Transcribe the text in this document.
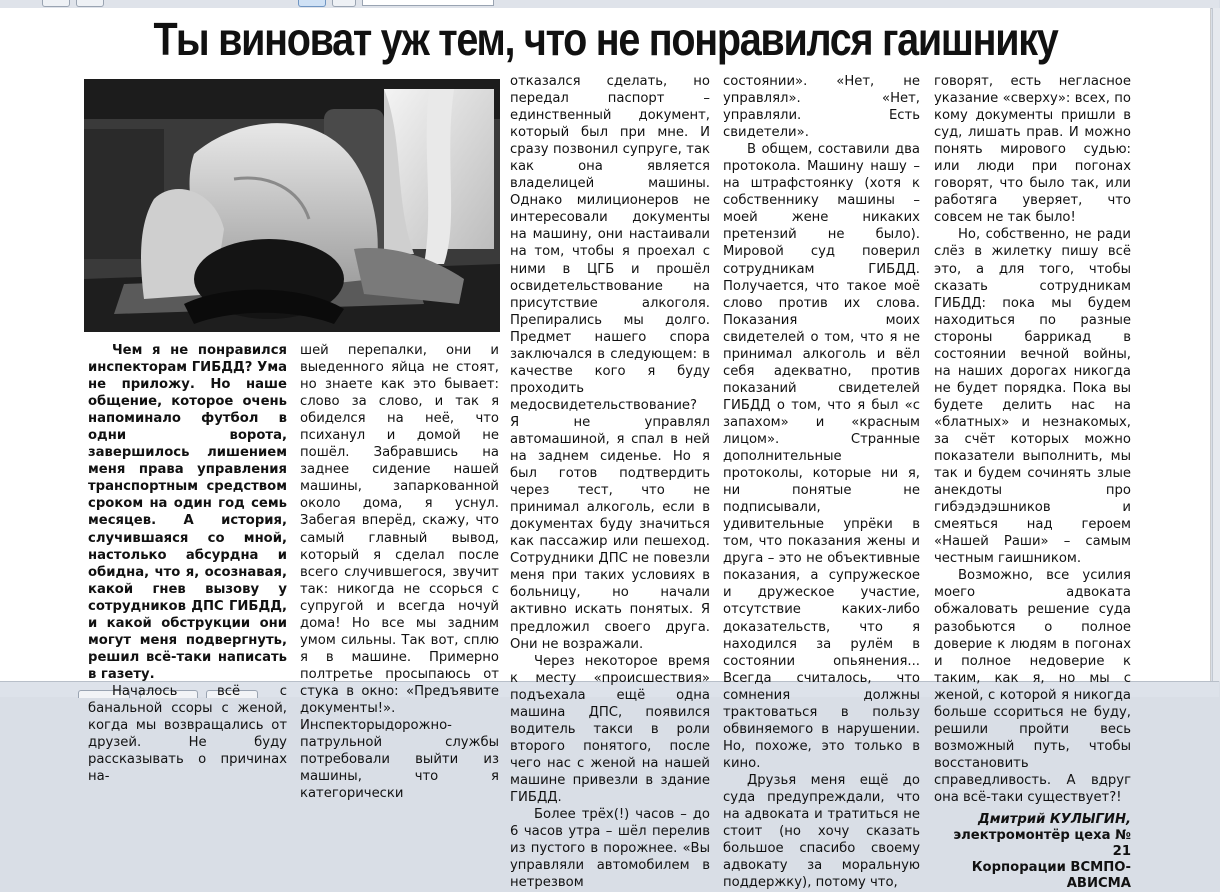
Ты виноват уж тем, что не понравился гаишнику

Чем я не понравился инспекторам ГИБДД? Ума не приложу. Но наше общение, которое очень напоминало футбол в одни ворота, завершилось лишением меня права управления транспортным средством сроком на один год семь месяцев. А история, случившаяся со мной, настолько абсурдна и обидна, что я, осознавая, какой гнев вызову у сотрудников ДПС ГИБДД, и какой обструкции они могут меня подвергнуть, решил всё-таки написать в газету.

Началось всё с банальной ссоры с женой, когда мы возвращались от друзей. Не буду рассказывать о причинах на-

шей перепалки, они и выеденного яйца не стоят, но знаете как это бывает: слово за слово, и так я обиделся на неё, что психанул и домой не пошёл. Забравшись на заднее сидение нашей машины, запаркованной около дома, я уснул. Забегая вперёд, скажу, что самый главный вывод, который я сделал после всего случившегося, звучит так: никогда не ссорься с супругой и всегда ночуй дома! Но все мы задним умом сильны. Так вот, сплю я в машине. Примерно полтретье просыпаюсь от стука в окно: «Предъявите документы!». Инспекторыдорожно-патрульной службы потребовали выйти из машины, что я категорически

отказался сделать, но передал паспорт – единственный документ, который был при мне. И сразу позвонил супруге, так как она является владелицей машины. Однако милиционеров не интересовали документы на машину, они настаивали на том, чтобы я проехал с ними в ЦГБ и прошёл освидетельствование на присутствие алкоголя. Препирались мы долго. Предмет нашего спора заключался в следующем: в качестве кого я буду проходить медосвидетельствование? Я не управлял автомашиной, я спал в ней на заднем сиденье. Но я был готов подтвердить через тест, что не принимал алкоголь, если в документах буду значиться как пассажир или пешеход. Сотрудники ДПС не повезли меня при таких условиях в больницу, но начали активно искать понятых. Я предложил своего друга. Они не возражали.

Через некоторое время к месту «происшествия» подъехала ещё одна машина ДПС, появился водитель такси в роли второго понятого, после чего нас с женой на нашей машине привезли в здание ГИБДД.

Более трёх(!) часов – до 6 часов утра – шёл перелив из пустого в порожнее. «Вы управляли автомобилем в нетрезвом

состоянии». «Нет, не управлял». «Нет, управляли. Есть свидетели».

В общем, составили два протокола. Машину нашу – на штрафстоянку (хотя к собственнику машины – моей жене никаких претензий не было). Мировой суд поверил сотрудникам ГИБДД. Получается, что такое моё слово против их слова. Показания моих свидетелей о том, что я не принимал алкоголь и вёл себя адекватно, против показаний свидетелей ГИБДД о том, что я был «с запахом» и «красным лицом». Странные дополнительные протоколы, которые ни я, ни понятые не подписывали, удивительные упрёки в том, что показания жены и друга – это не объективные показания, а супружеское и дружеское участие, отсутствие каких-либо доказательств, что я находился за рулём в состоянии опьянения... Всегда считалось, что сомнения должны трактоваться в пользу обвиняемого в нарушении. Но, похоже, это только в кино.

Друзья меня ещё до суда предупреждали, что на адвоката и тратиться не стоит (но хочу сказать большое спасибо своему адвокату за моральную поддержку), потому что,

говорят, есть негласное указание «сверху»: всех, по кому документы пришли в суд, лишать прав. И можно понять мирового судью: или люди при погонах говорят, что было так, или работяга уверяет, что совсем не так было!

Но, собственно, не ради слёз в жилетку пишу всё это, а для того, чтобы сказать сотрудникам ГИБДД: пока мы будем находиться по разные стороны баррикад в состоянии вечной войны, на наших дорогах никогда не будет порядка. Пока вы будете делить нас на «блатных» и незнакомых, за счёт которых можно показатели выполнить, мы так и будем сочинять злые анекдоты про гибэдэдэшников и смеяться над героем «Нашей Раши» – самым честным гаишником.

Возможно, все усилия моего адвоката обжаловать решение суда разобьются о полное доверие к людям в погонах и полное недоверие к таким, как я, но мы с женой, с которой я никогда больше ссориться не буду, решили пройти весь возможный путь, чтобы восстановить справедливость. А вдруг она всё-таки существует?!

Дмитрий КУЛЫГИН,
электромонтёр цеха № 21
Корпорации ВСМПО-АВИСМА
